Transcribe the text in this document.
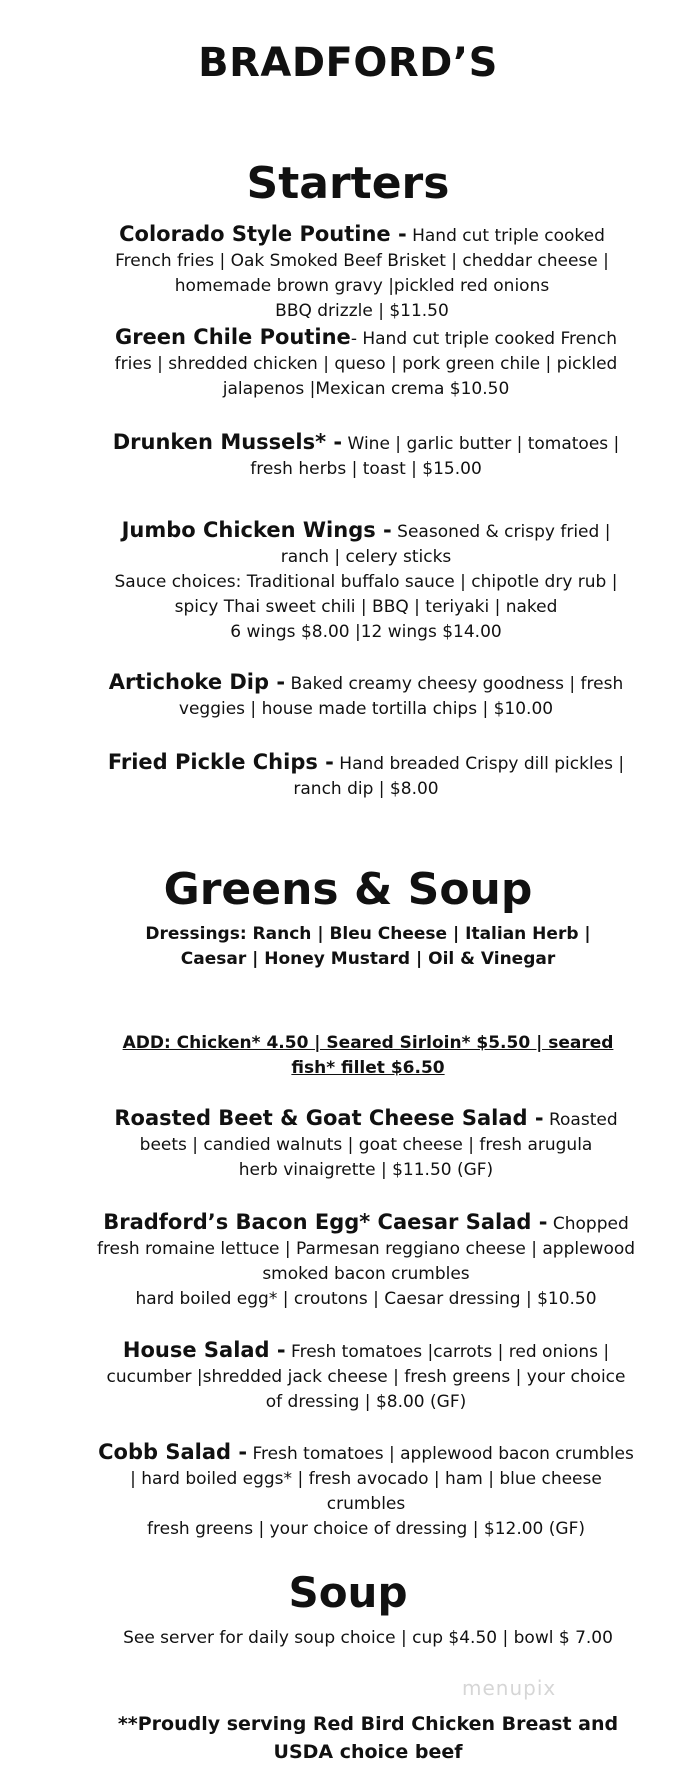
BRADFORD’S
Starters
Colorado Style Poutine - Hand cut triple cooked French fries | Oak Smoked Beef Brisket | cheddar cheese | homemade brown gravy |pickled red onions
BBQ drizzle | $11.50
Green Chile Poutine- Hand cut triple cooked French fries | shredded chicken | queso | pork green chile | pickled jalapenos |Mexican crema $10.50
Drunken Mussels* - Wine | garlic butter | tomatoes | fresh herbs | toast | $15.00
Jumbo Chicken Wings - Seasoned & crispy fried | ranch | celery sticks
Sauce choices: Traditional buffalo sauce | chipotle dry rub | spicy Thai sweet chili | BBQ | teriyaki | naked
6 wings $8.00 |12 wings $14.00
Artichoke Dip - Baked creamy cheesy goodness | fresh veggies | house made tortilla chips | $10.00
Fried Pickle Chips - Hand breaded Crispy dill pickles | ranch dip | $8.00
Greens & Soup
Dressings: Ranch | Bleu Cheese | Italian Herb | Caesar | Honey Mustard | Oil & Vinegar
ADD: Chicken* 4.50 | Seared Sirloin* $5.50 | seared fish* fillet $6.50
Roasted Beet & Goat Cheese Salad - Roasted beets | candied walnuts | goat cheese | fresh arugula
herb vinaigrette | $11.50 (GF)
Bradford’s Bacon Egg* Caesar Salad - Chopped fresh romaine lettuce | Parmesan reggiano cheese | applewood smoked bacon crumbles
hard boiled egg* | croutons | Caesar dressing | $10.50
House Salad - Fresh tomatoes |carrots | red onions | cucumber |shredded jack cheese | fresh greens | your choice of dressing | $8.00 (GF)
Cobb Salad - Fresh tomatoes | applewood bacon crumbles | hard boiled eggs* | fresh avocado | ham | blue cheese crumbles
fresh greens | your choice of dressing | $12.00 (GF)
Soup
See server for daily soup choice | cup $4.50 | bowl $ 7.00
menupix
**Proudly serving Red Bird Chicken Breast and USDA choice beef
